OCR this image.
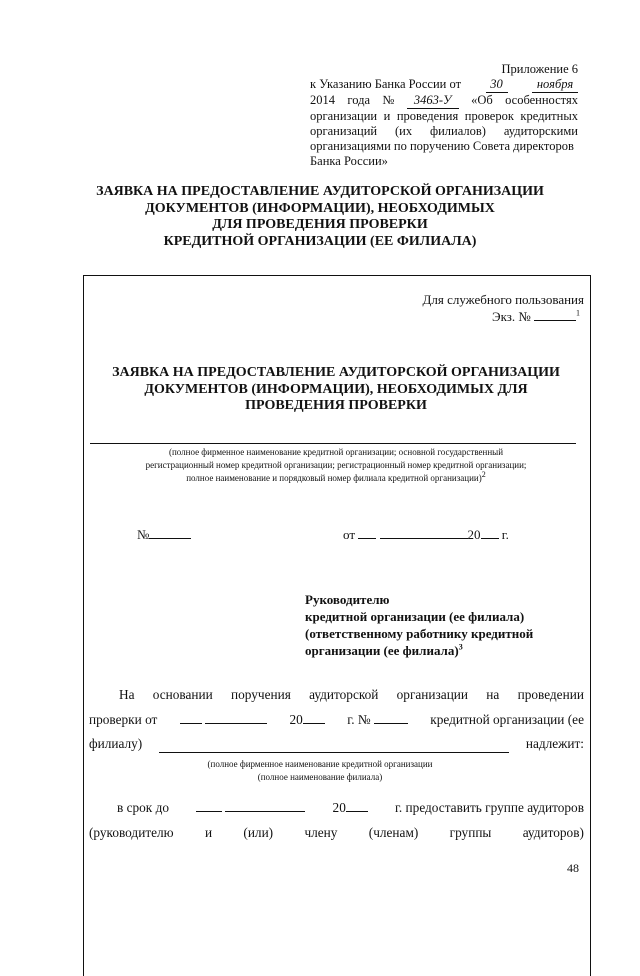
Приложение 6
к Указанию Банка России от	30	ноября
2014 года №	3463-У	«Об особенностях
организации и проведения проверок кредитных
организаций (их филиалов) аудиторскими
организациями по поручению Совета директоров
Банка России»
ЗАЯВКА НА ПРЕДОСТАВЛЕНИЕ АУДИТОРСКОЙ ОРГАНИЗАЦИИ
ДОКУМЕНТОВ (ИНФОРМАЦИИ), НЕОБХОДИМЫХ
ДЛЯ ПРОВЕДЕНИЯ ПРОВЕРКИ
КРЕДИТНОЙ ОРГАНИЗАЦИИ (ЕЕ ФИЛИАЛА)
Для служебного пользования
Экз. №	$^1$
ЗАЯВКА НА ПРЕДОСТАВЛЕНИЕ АУДИТОРСКОЙ ОРГАНИЗАЦИИ
ДОКУМЕНТОВ (ИНФОРМАЦИИ), НЕОБХОДИМЫХ ДЛЯ
ПРОВЕДЕНИЯ ПРОВЕРКИ
(полное фирменное наименование кредитной организации; основной государственный
регистрационный номер кредитной организации; регистрационный номер кредитной организации;
полное наименование и порядковый номер филиала кредитной организации)$^2$
№	от	20 г.
Руководителю
кредитной организации (ее филиала)
(ответственному работнику кредитной
организации (ее филиала)$^3$
На основании поручения аудиторской организации на проведении
проверки от
	20	г. №	кредитной организации (ее
филиалу)	надлежит:
(полное фирменное наименование кредитной организации
(полное наименование филиала)
в срок до
	20	г. предоставить группе аудиторов
(руководителю и (или) члену (членам) группы аудиторов)
48
